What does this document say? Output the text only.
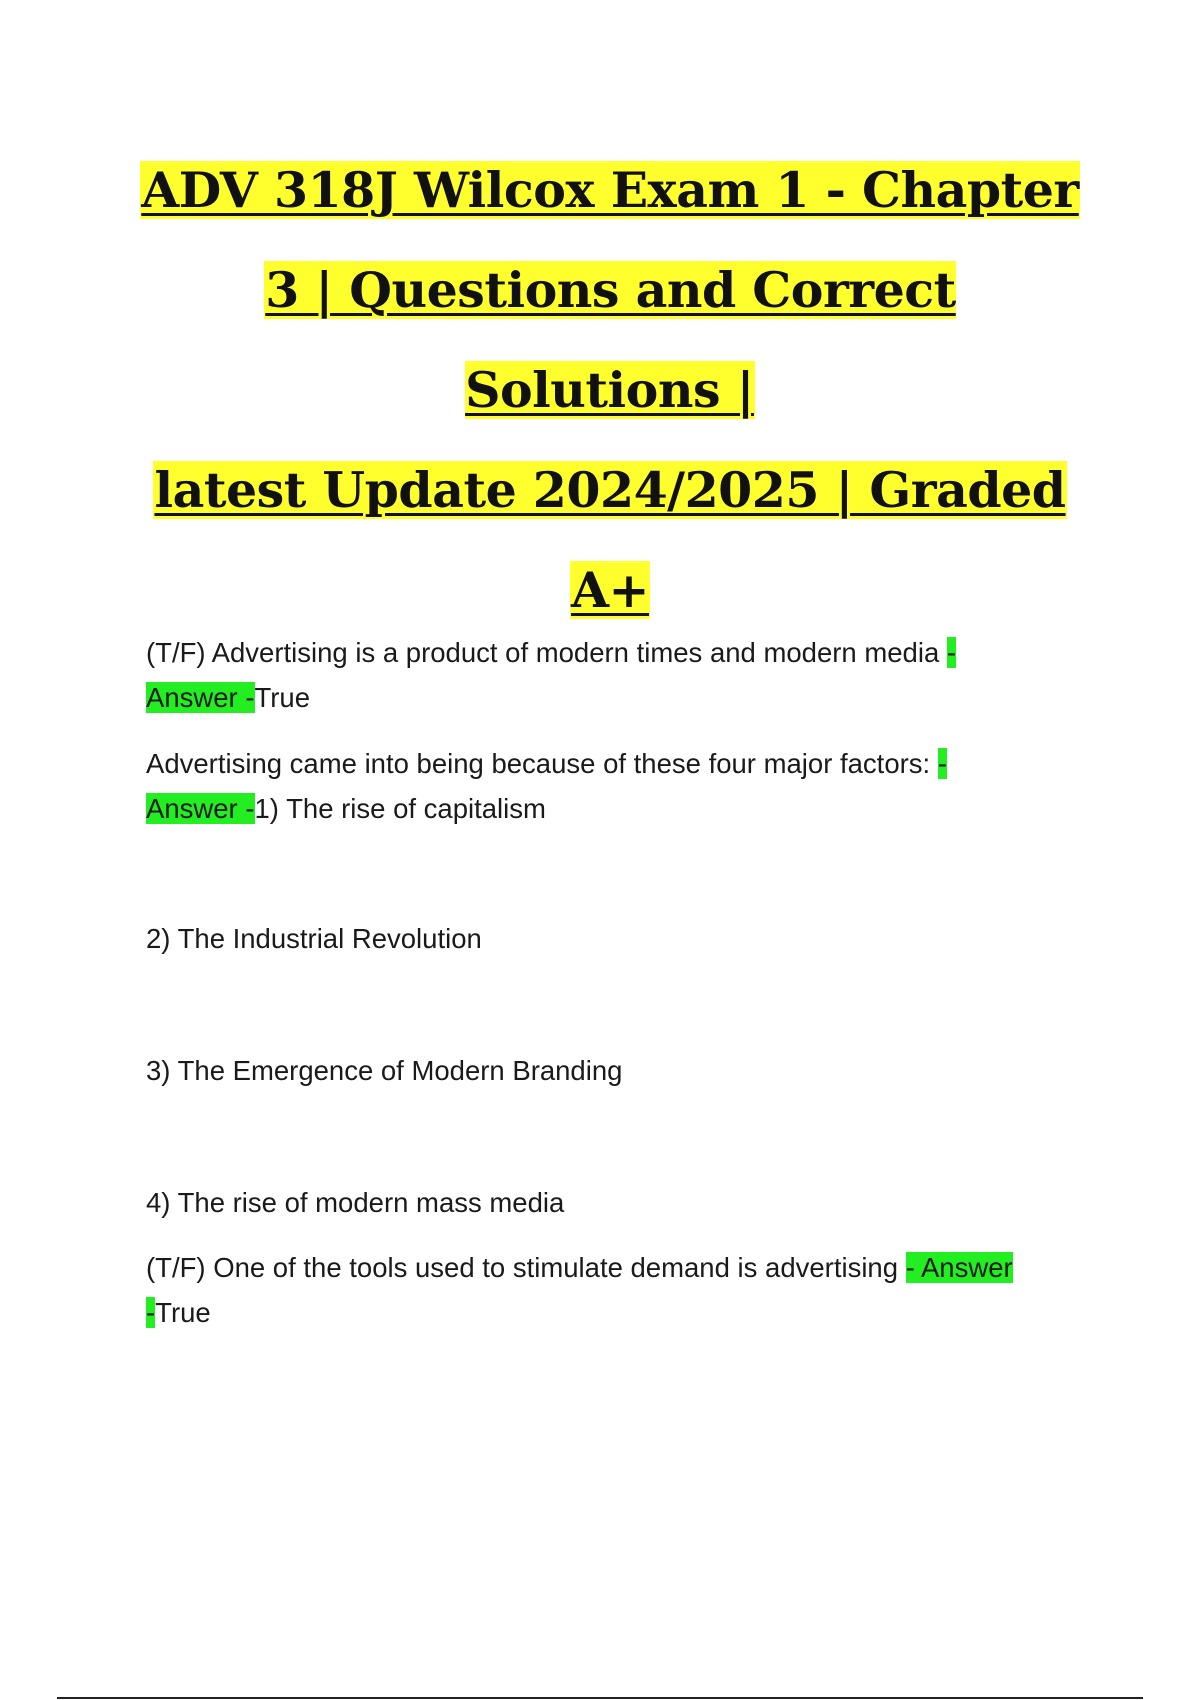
ADV 318J Wilcox Exam 1 - Chapter
3 | Questions and Correct Solutions |
latest Update 2024/2025 | Graded
A+
(T/F) Advertising is a product of modern times and modern media -
Answer -True
Advertising came into being because of these four major factors: -
Answer -1) The rise of capitalism
2) The Industrial Revolution
3) The Emergence of Modern Branding
4) The rise of modern mass media
(T/F) One of the tools used to stimulate demand is advertising - Answer
-True
